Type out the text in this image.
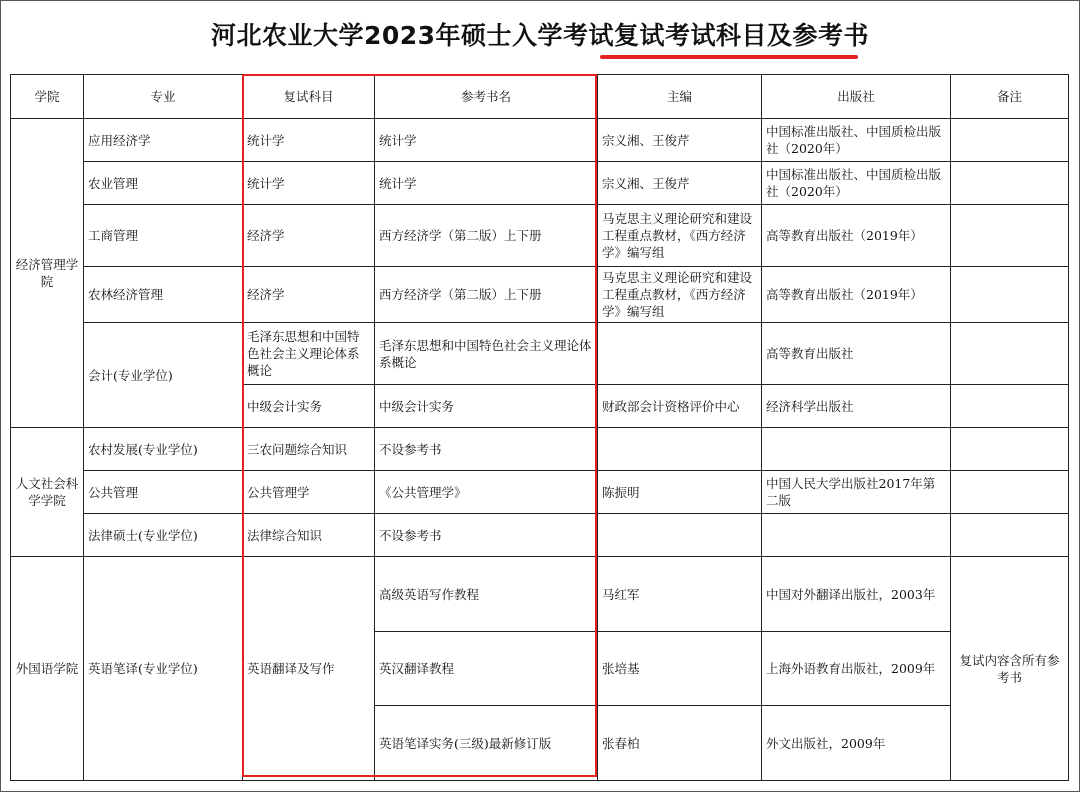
河北农业大学2023年硕士入学考试复试考试科目及参考书
学院	专业	复试科目	参考书名	主编	出版社	备注
经济管理学院	应用经济学	统计学	统计学	宗义湘、王俊芹	中国标准出版社、中国质检出版社（2020年）	
	农业管理	统计学	统计学	宗义湘、王俊芹	中国标准出版社、中国质检出版社（2020年）	
	工商管理	经济学	西方经济学（第二版）上下册	马克思主义理论研究和建设工程重点教材，《西方经济学》编写组	高等教育出版社（2019年）	
	农林经济管理	经济学	西方经济学（第二版）上下册	马克思主义理论研究和建设工程重点教材，《西方经济学》编写组	高等教育出版社（2019年）	
	会计(专业学位)	毛泽东思想和中国特色社会主义理论体系概论	毛泽东思想和中国特色社会主义理论体系概论		高等教育出版社	
		中级会计实务	中级会计实务	财政部会计资格评价中心	经济科学出版社	
人文社会科学学院	农村发展(专业学位)	三农问题综合知识	不设参考书			
	公共管理	公共管理学	《公共管理学》	陈振明	中国人民大学出版社2017年第二版	
	法律硕士(专业学位)	法律综合知识	不设参考书			
外国语学院	英语笔译(专业学位)	英语翻译及写作	高级英语写作教程	马红军	中国对外翻译出版社，2003年	复试内容含所有参考书
			英汉翻译教程	张培基	上海外语教育出版社，2009年	
			英语笔译实务(三级)最新修订版	张春柏	外文出版社，2009年	
